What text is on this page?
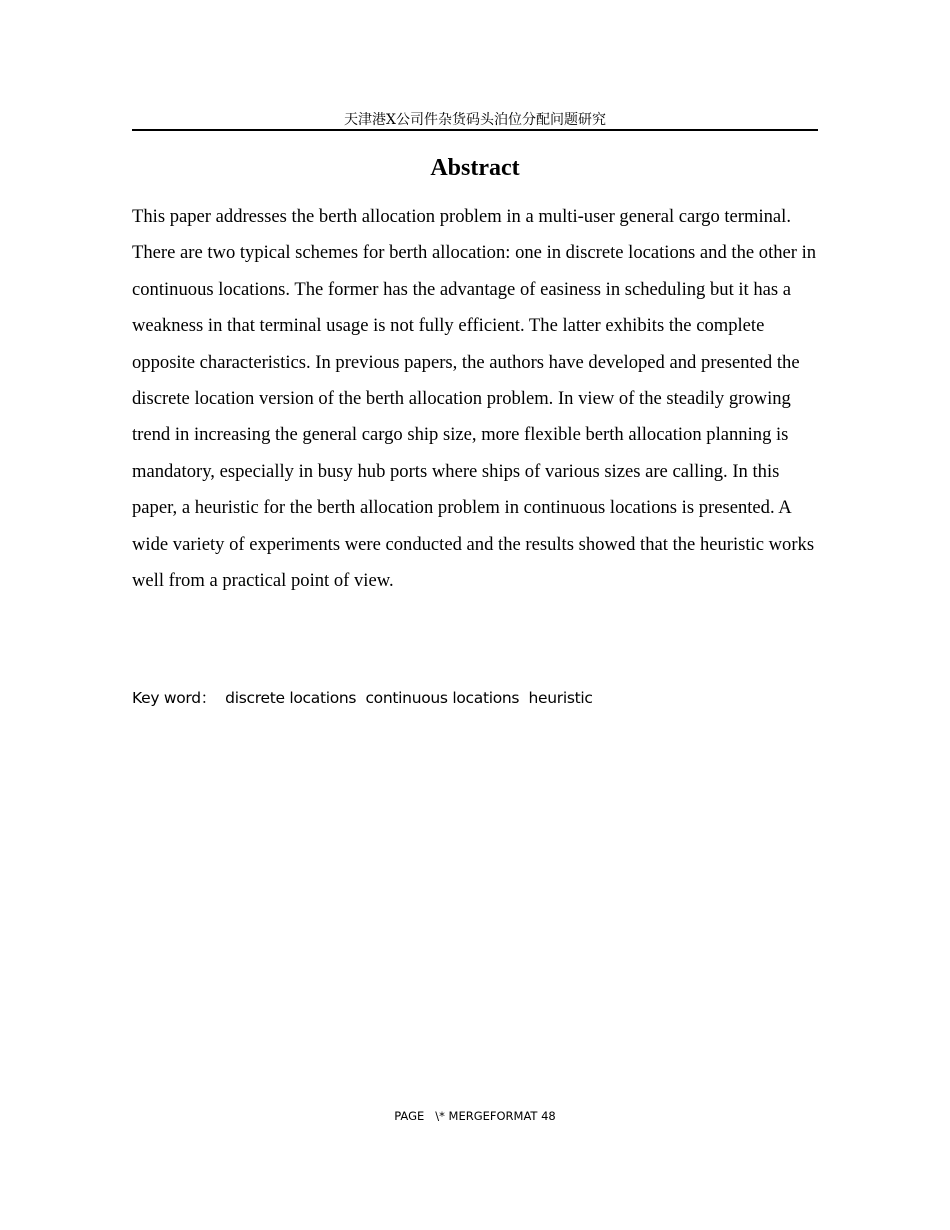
天津港X公司件杂货码头泊位分配问题研究
Abstract

This paper addresses the berth allocation problem in a multi-user general cargo terminal. There are two typical schemes for berth allocation: one in discrete locations and the other in continuous locations. The former has the advantage of easiness in scheduling but it has a weakness in that terminal usage is not fully efficient. The latter exhibits the complete opposite characteristics. In previous papers, the authors have developed and presented the discrete location version of the berth allocation problem. In view of the steadily growing trend in increasing the general cargo ship size, more flexible berth allocation planning is mandatory, especially in busy hub ports where ships of various sizes are calling. In this paper, a heuristic for the berth allocation problem in continuous locations is presented. A wide variety of experiments were conducted and the results showed that the heuristic works well from a practical point of view.

Key word：  discrete locations  continuous locations  heuristic
PAGE   \* MERGEFORMAT 48
